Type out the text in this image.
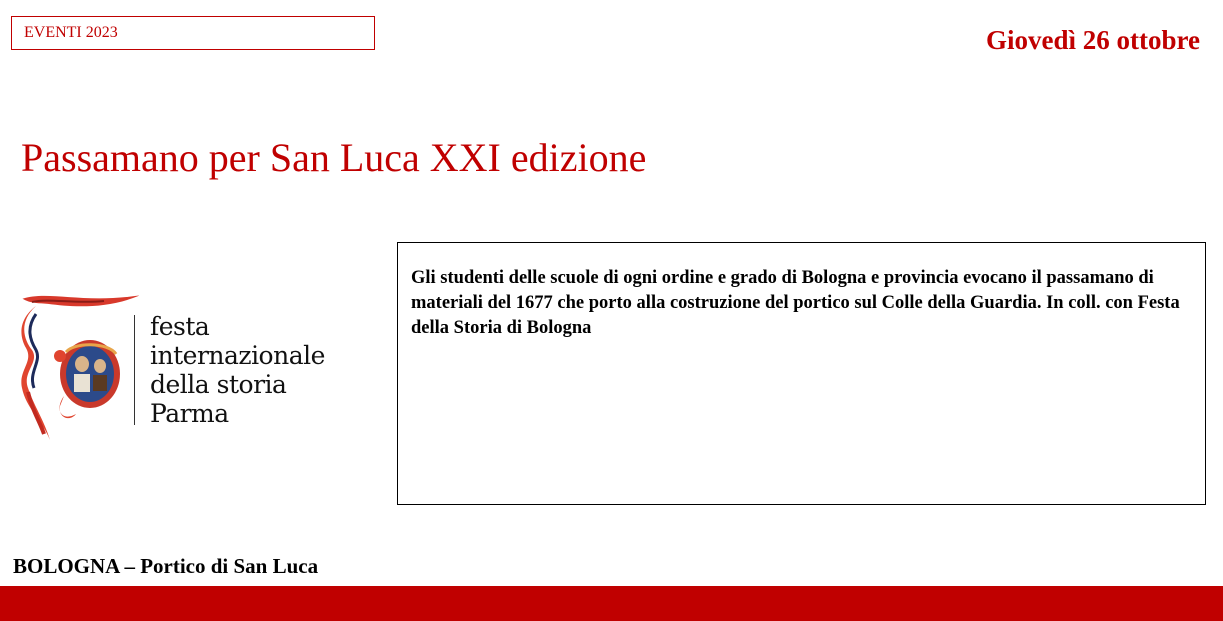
EVENTI 2023	Giovedì 26 ottobre
Passamano per San Luca XXI edizione
festa
internazionale
della storia
Parma
Gli studenti delle scuole di ogni ordine e grado di Bologna e provincia evocano il passamano di materiali del 1677 che porto alla costruzione del portico sul Colle della Guardia. In coll. con Festa della Storia di Bologna
BOLOGNA – Portico di San Luca
